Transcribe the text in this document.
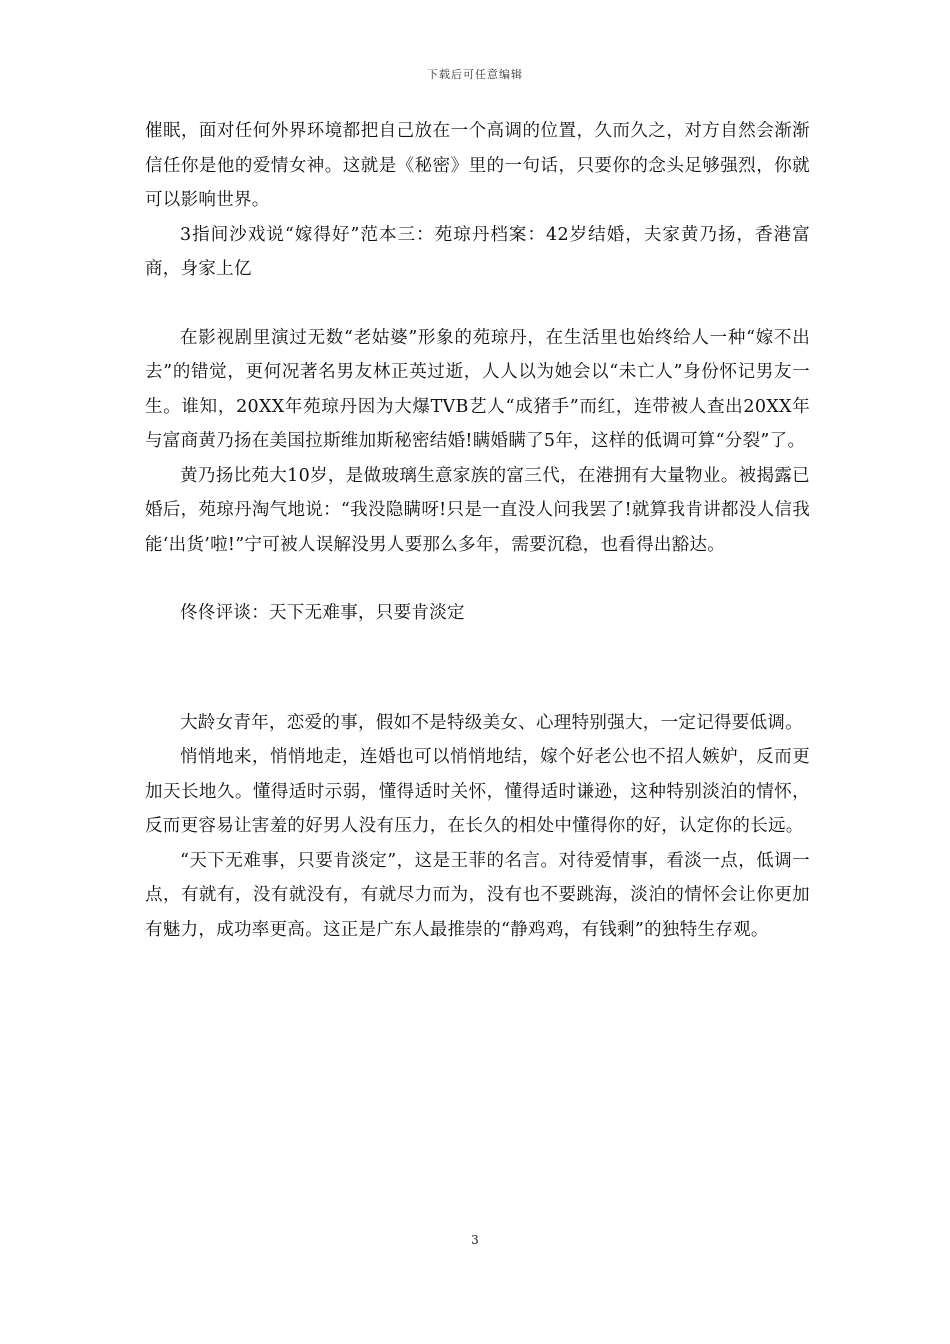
下载后可任意编辑

催眠，面对任何外界环境都把自己放在一个高调的位置，久而久之，对方自然会渐渐信任你是他的爱情女神。这就是《秘密》里的一句话，只要你的念头足够强烈，你就可以影响世界。

3指间沙戏说“嫁得好”范本三：苑琼丹档案：42岁结婚，夫家黄乃扬，香港富商，身家上亿

在影视剧里演过无数“老姑婆”形象的苑琼丹，在生活里也始终给人一种“嫁不出去”的错觉，更何况著名男友林正英过逝，人人以为她会以“未亡人”身份怀记男友一生。谁知，20XX年苑琼丹因为大爆TVB艺人“成猪手”而红，连带被人查出20XX年与富商黄乃扬在美国拉斯维加斯秘密结婚!瞒婚瞒了5年，这样的低调可算“分裂”了。

黄乃扬比苑大10岁，是做玻璃生意家族的富三代，在港拥有大量物业。被揭露已婚后，苑琼丹淘气地说：“我没隐瞒呀!只是一直没人问我罢了!就算我肯讲都没人信我能‘出货’啦!”宁可被人误解没男人要那么多年，需要沉稳，也看得出豁达。

佟佟评谈：天下无难事，只要肯淡定

大龄女青年，恋爱的事，假如不是特级美女、心理特别强大，一定记得要低调。

悄悄地来，悄悄地走，连婚也可以悄悄地结，嫁个好老公也不招人嫉妒，反而更加天长地久。懂得适时示弱，懂得适时关怀，懂得适时谦逊，这种特别淡泊的情怀，反而更容易让害羞的好男人没有压力，在长久的相处中懂得你的好，认定你的长远。

“天下无难事，只要肯淡定”，这是王菲的名言。对待爱情事，看淡一点，低调一点，有就有，没有就没有，有就尽力而为，没有也不要跳海，淡泊的情怀会让你更加有魅力，成功率更高。这正是广东人最推崇的“静鸡鸡，有钱剩”的独特生存观。

3
